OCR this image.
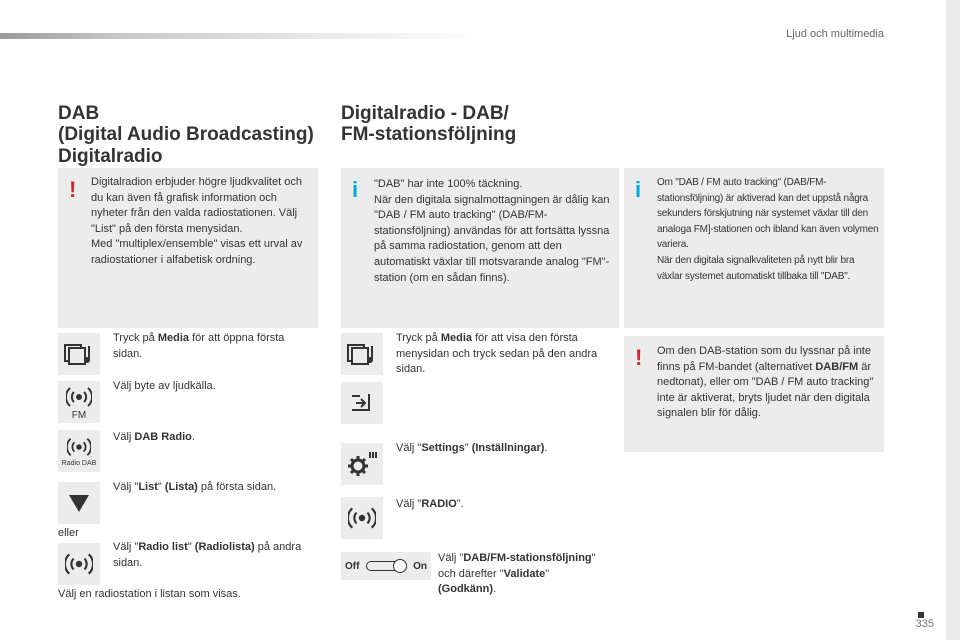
Ljud och multimedia
DAB
(Digital Audio Broadcasting)
Digitalradio
! Digitalradion erbjuder högre ljudkvalitet och du kan även få grafisk information och nyheter från den valda radiostationen. Välj "List" på den första menysidan.
Med "multiplex/ensemble" visas ett urval av radiostationer i alfabetisk ordning.

Tryck på Media för att öppna första sidan.
FM
Välj byte av ljudkälla.
Radio DAB
Välj DAB Radio.
Välj "List" (Lista) på första sidan.
eller
Välj "Radio list" (Radiolista) på andra sidan.
Välj en radiostation i listan som visas.
Digitalradio - DAB/
FM-stationsföljning
i "DAB" har inte 100% täckning.
När den digitala signalmottagningen är dålig kan "DAB / FM auto tracking" (DAB/FM-stationsföljning) användas för att fortsätta lyssna på samma radiostation, genom att den automatiskt växlar till motsvarande analog "FM"-station (om en sådan finns).

Tryck på Media för att visa den första menysidan och tryck sedan på den andra sidan.
Välj "Settings" (Inställningar).
Välj "RADIO".
Off	On
Välj "DAB/FM-stationsföljning" och därefter "Validate" (Godkänn).
i Om "DAB / FM auto tracking" (DAB/FM-stationsföljning) är aktiverad kan det uppstå några sekunders förskjutning när systemet växlar till den analoga FM]-stationen och ibland kan även volymen variera.
När den digitala signalkvaliteten på nytt blir bra växlar systemet automatiskt tillbaka till "DAB".

! Om den DAB-station som du lyssnar på inte finns på FM-bandet (alternativet DAB/FM är nedtonat), eller om "DAB / FM auto tracking" inte är aktiverat, bryts ljudet när den digitala signalen blir för dålig.

335
